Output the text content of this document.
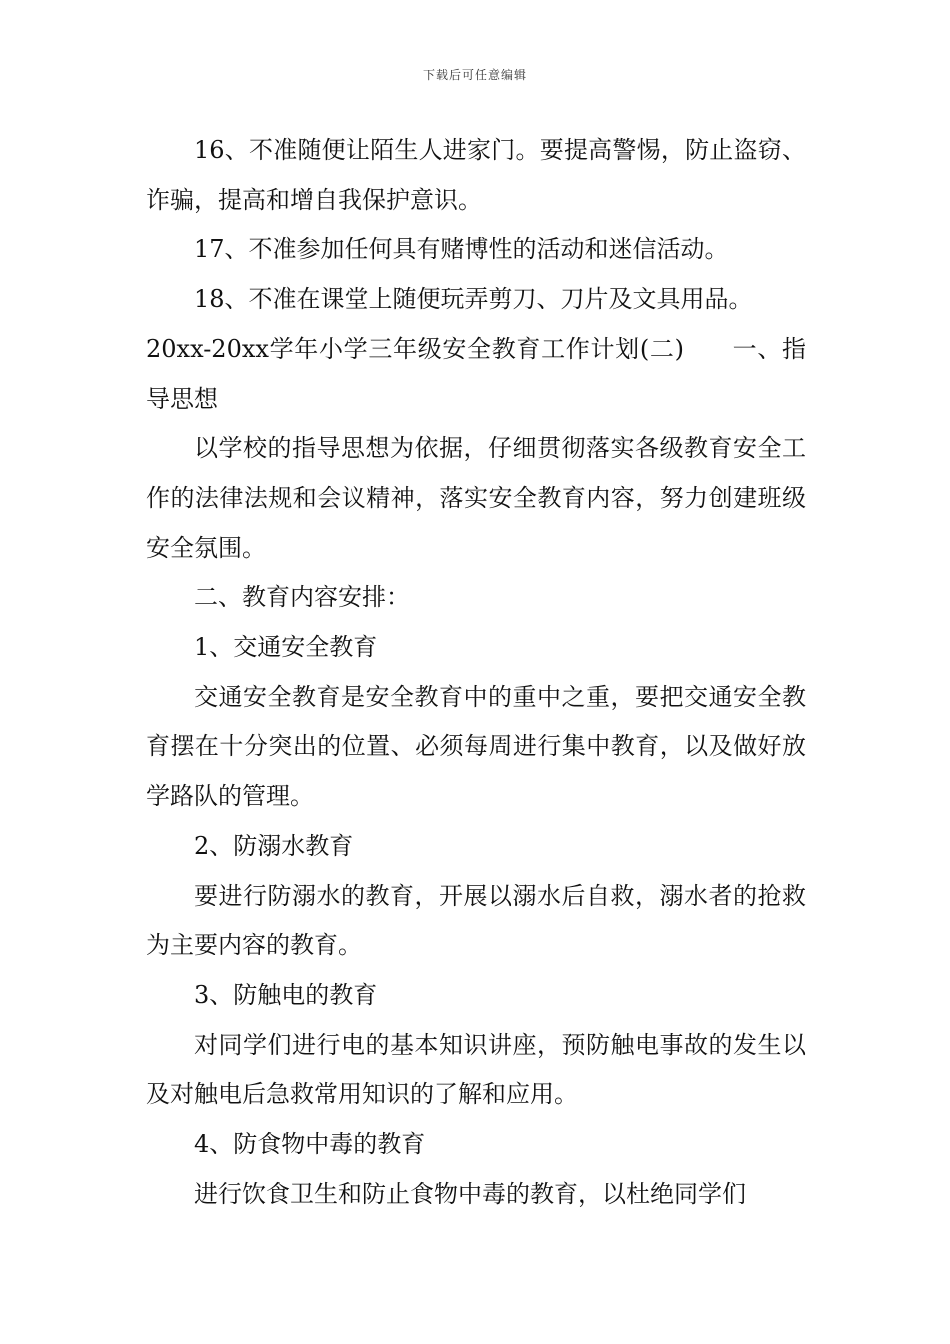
下载后可任意编辑

16、不准随便让陌生人进家门。要提高警惕，防止盗窃、诈骗，提高和增自我保护意识。

17、不准参加任何具有赌博性的活动和迷信活动。

18、不准在课堂上随便玩弄剪刀、刀片及文具用品。

20xx-20xx学年小学三年级安全教育工作计划(二) 一、指导思想

以学校的指导思想为依据，仔细贯彻落实各级教育安全工作的法律法规和会议精神，落实安全教育内容，努力创建班级安全氛围。

二、教育内容安排：

1、交通安全教育

交通安全教育是安全教育中的重中之重，要把交通安全教育摆在十分突出的位置、必须每周进行集中教育，以及做好放学路队的管理。

2、防溺水教育

要进行防溺水的教育，开展以溺水后自救，溺水者的抢救为主要内容的教育。

3、防触电的教育

对同学们进行电的基本知识讲座，预防触电事故的发生以及对触电后急救常用知识的了解和应用。

4、防食物中毒的教育

进行饮食卫生和防止食物中毒的教育，以杜绝同学们
